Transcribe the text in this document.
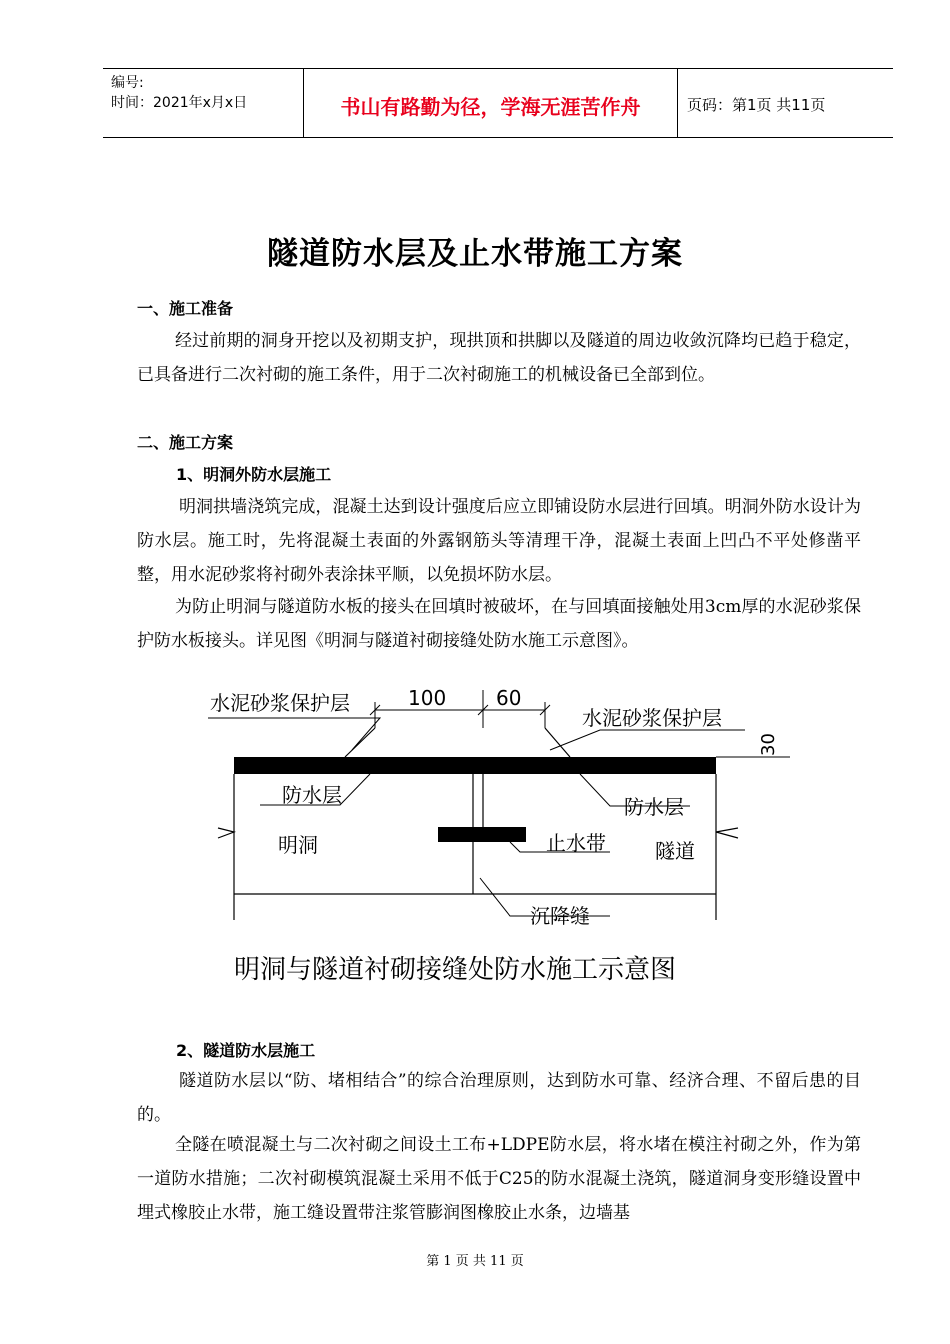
编号:
时间：2021年x月x日	书山有路勤为径，学海无涯苦作舟	页码：第1页 共11页
隧道防水层及止水带施工方案
一、施工准备
经过前期的洞身开挖以及初期支护，现拱顶和拱脚以及隧道的周边收敛沉降均已趋于稳定，已具备进行二次衬砌的施工条件，用于二次衬砌施工的机械设备已全部到位。
二、施工方案
1、明洞外防水层施工
明洞拱墙浇筑完成，混凝土达到设计强度后应立即铺设防水层进行回填。明洞外防水设计为防水层。施工时，先将混凝土表面的外露钢筋头等清理干净，混凝土表面上凹凸不平处修凿平整，用水泥砂浆将衬砌外表涂抹平顺，以免损坏防水层。
为防止明洞与隧道防水板的接头在回填时被破坏，在与回填面接触处用3cm厚的水泥砂浆保护防水板接头。详见图《明洞与隧道衬砌接缝处防水施工示意图》。
水泥砂浆保护层
水泥砂浆保护层
100 60
防水层	防水层
明洞	止水带 隧道
沉降缝
30
明洞与隧道衬砌接缝处防水施工示意图
2、隧道防水层施工
隧道防水层以“防、堵相结合”的综合治理原则，达到防水可靠、经济合理、不留后患的目的。
全隧在喷混凝土与二次衬砌之间设土工布+LDPE防水层，将水堵在模注衬砌之外，作为第一道防水措施；二次衬砌模筑混凝土采用不低于C25的防水混凝土浇筑，隧道洞身变形缝设置中埋式橡胶止水带，施工缝设置带注浆管膨润图橡胶止水条，边墙基
第 1 页 共 11 页
